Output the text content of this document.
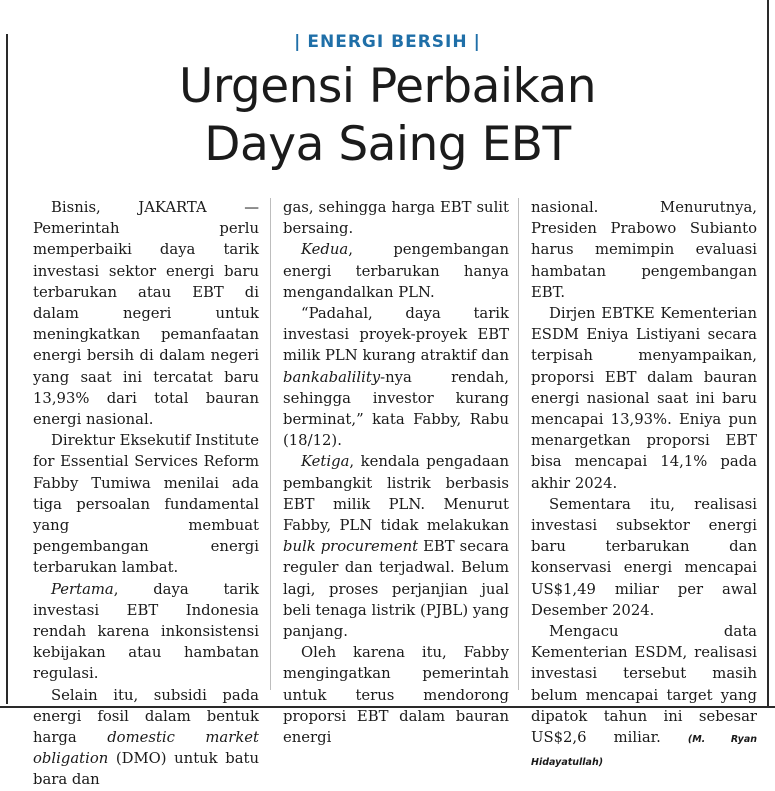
| ENERGI BERSIH |
Urgensi Perbaikan
Daya Saing EBT

Bisnis, JAKARTA — Pemerintah perlu memperbaiki daya tarik investasi sektor energi baru terbarukan atau EBT di dalam negeri untuk meningkatkan pemanfaatan energi bersih di dalam negeri yang saat ini tercatat baru 13,93% dari total bauran energi nasional.

Direktur Eksekutif Institute for Essential Services Reform Fabby Tumiwa menilai ada tiga persoalan fundamental yang membuat pengembangan energi terbarukan lambat.

Pertama, daya tarik investasi EBT Indonesia rendah karena inkonsistensi kebijakan atau hambatan regulasi.

Selain itu, subsidi pada energi fosil dalam bentuk harga domestic market obligation (DMO) untuk batu bara dan

gas, sehingga harga EBT sulit bersaing.

Kedua, pengembangan energi terbarukan hanya mengandalkan PLN.

“Padahal, daya tarik investasi proyek-proyek EBT milik PLN kurang atraktif dan bankabalility-nya rendah, sehingga investor kurang berminat,” kata Fabby, Rabu (18/12).

Ketiga, kendala pengadaan pembangkit listrik berbasis EBT milik PLN. Menurut Fabby, PLN tidak melakukan bulk procurement EBT secara reguler dan terjadwal. Belum lagi, proses perjanjian jual beli tenaga listrik (PJBL) yang panjang.

Oleh karena itu, Fabby mengingatkan pemerintah untuk terus mendorong proporsi EBT dalam bauran energi

nasional. Menurutnya, Presiden Prabowo Subianto harus memimpin evaluasi hambatan pengembangan EBT.

Dirjen EBTKE Kementerian ESDM Eniya Listiyani secara terpisah menyampaikan, proporsi EBT dalam bauran energi nasional saat ini baru mencapai 13,93%. Eniya pun menargetkan proporsi EBT bisa mencapai 14,1% pada akhir 2024.

Sementara itu, realisasi investasi subsektor energi baru terbarukan dan konservasi energi mencapai US$1,49 miliar per awal Desember 2024.

Mengacu data Kementerian ESDM, realisasi investasi tersebut masih belum mencapai target yang dipatok tahun ini sebesar US$2,6 miliar. (M. Ryan Hidayatullah)
